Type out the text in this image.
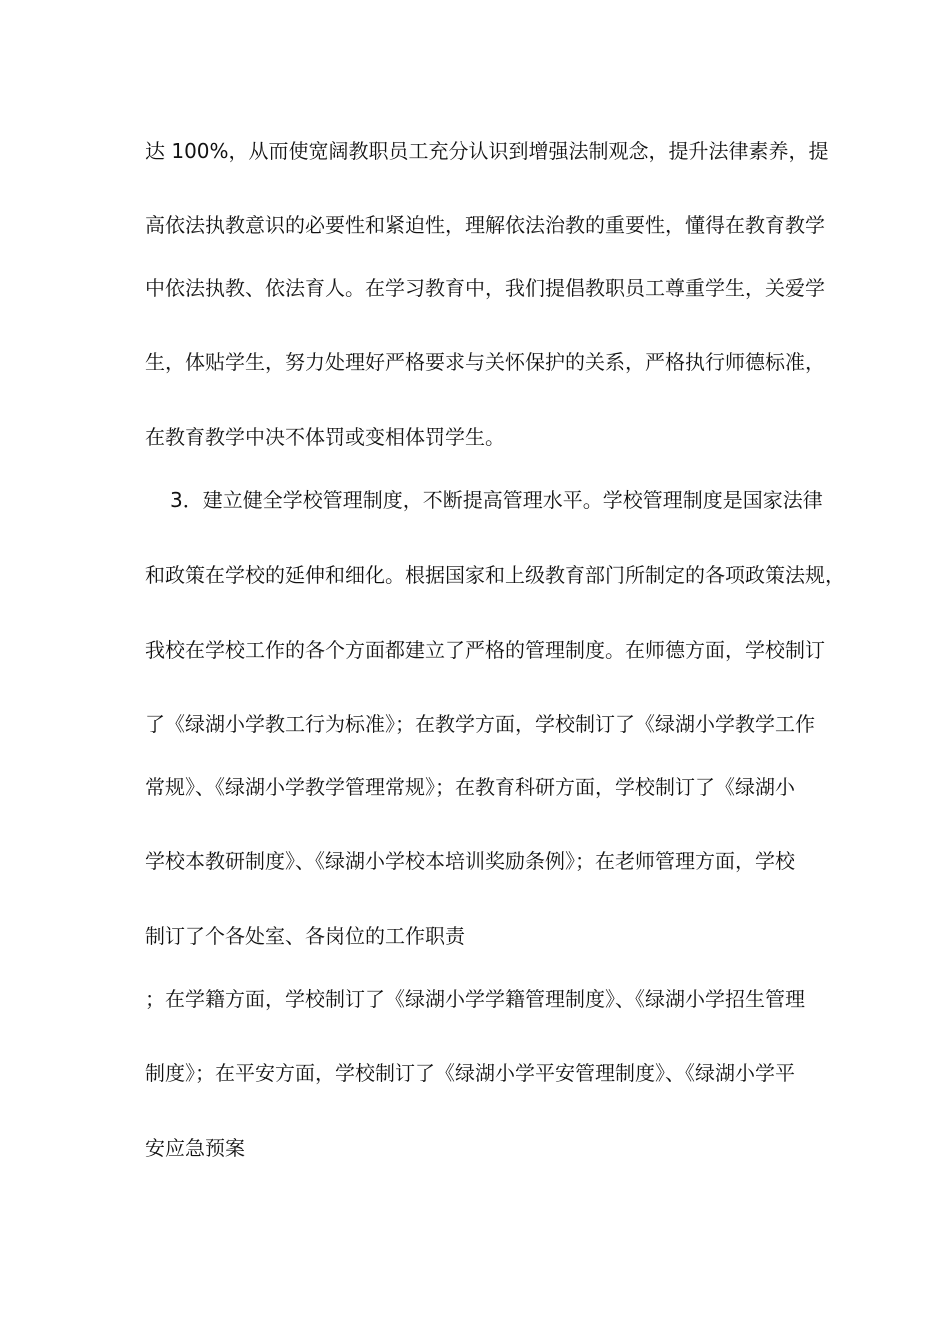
达 100%，从而使宽阔教职员工充分认识到增强法制观念，提升法律素养，提
高依法执教意识的必要性和紧迫性，理解依法治教的重要性，懂得在教育教学
中依法执教、依法育人。在学习教育中，我们提倡教职员工尊重学生，关爱学
生，体贴学生，努力处理好严格要求与关怀保护的关系，严格执行师德标准，
在教育教学中决不体罚或变相体罚学生。
3．建立健全学校管理制度，不断提高管理水平。学校管理制度是国家法律
和政策在学校的延伸和细化。根据国家和上级教育部门所制定的各项政策法规，
我校在学校工作的各个方面都建立了严格的管理制度。在师德方面，学校制订
了《绿湖小学教工行为标准》；在教学方面，学校制订了《绿湖小学教学工作
常规》、《绿湖小学教学管理常规》；在教育科研方面，学校制订了《绿湖小
学校本教研制度》、《绿湖小学校本培训奖励条例》；在老师管理方面，学校
制订了个各处室、各岗位的工作职责
；在学籍方面，学校制订了《绿湖小学学籍管理制度》、《绿湖小学招生管理
制度》；在平安方面，学校制订了《绿湖小学平安管理制度》、《绿湖小学平
安应急预案
